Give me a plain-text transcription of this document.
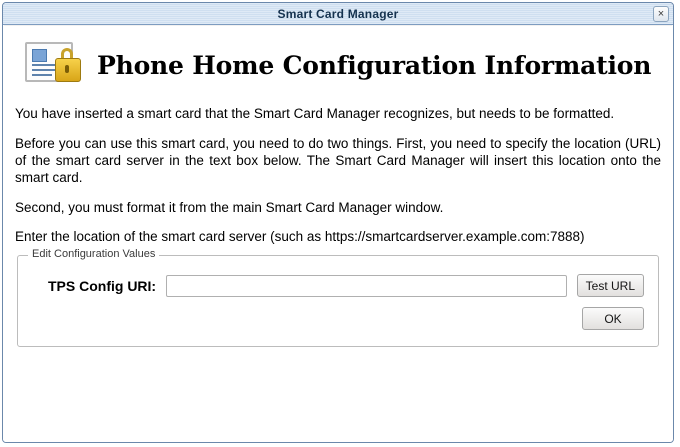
Smart Card Manager	×
Phone Home Configuration Information

You have inserted a smart card that the Smart Card Manager recognizes, but needs to be formatted.

Before you can use this smart card, you need to do two things. First, you need to specify the location (URL) of the smart card server in the text box below. The Smart Card Manager will insert this location onto the smart card.

Second, you must format it from the main Smart Card Manager window.

Enter the location of the smart card server (such as https://smartcardserver.example.com:7888)

Edit Configuration Values
TPS Config URI:	Test URL
OK
